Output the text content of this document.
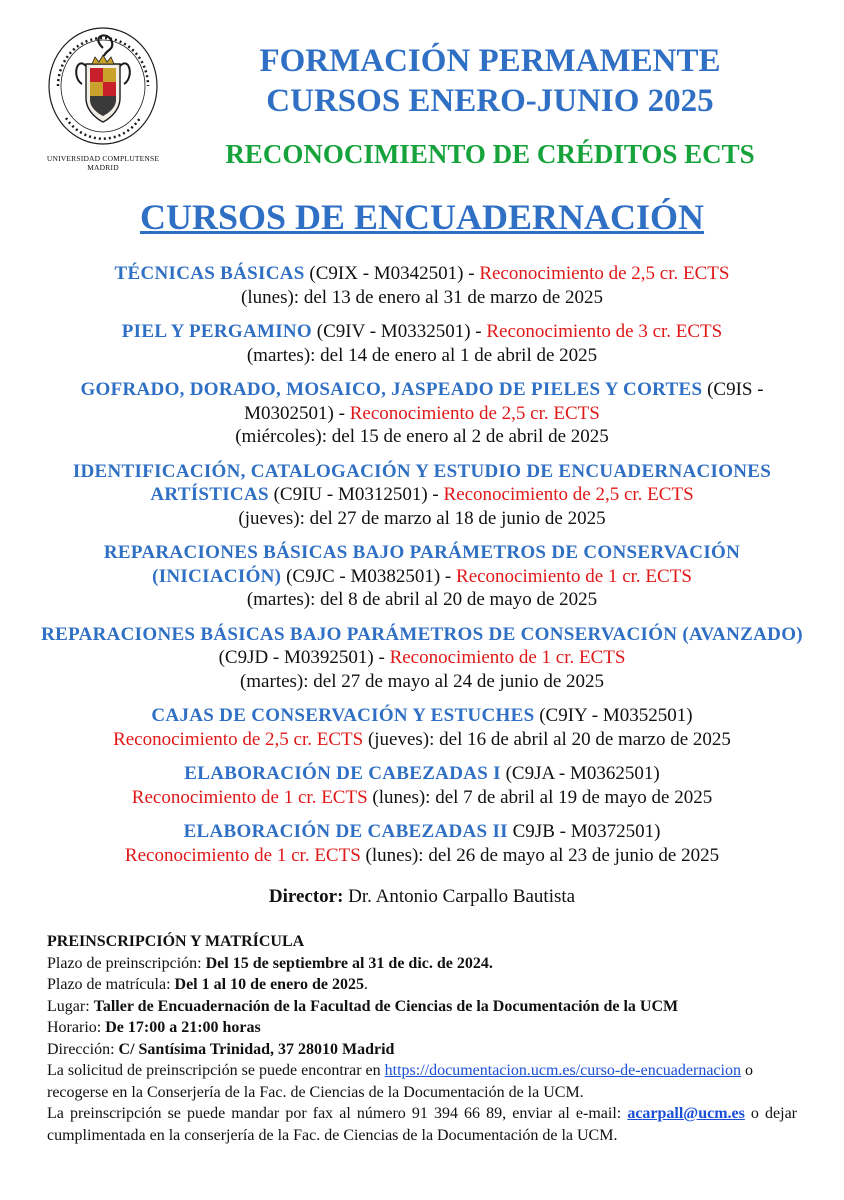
UNIVERSIDAD COMPLUTENSE
MADRID
FORMACIÓN PERMAMENTE
CURSOS ENERO-JUNIO 2025
RECONOCIMIENTO DE CRÉDITOS ECTS
CURSOS DE ENCUADERNACIÓN
TÉCNICAS BÁSICAS (C9IX - M0342501) - Reconocimiento de 2,5 cr. ECTS
(lunes): del 13 de enero al 31 de marzo de 2025
PIEL Y PERGAMINO (C9IV - M0332501) - Reconocimiento de 3 cr. ECTS
(martes): del 14 de enero al 1 de abril de 2025
GOFRADO, DORADO, MOSAICO, JASPEADO DE PIELES Y CORTES (C9IS - M0302501) - Reconocimiento de 2,5 cr. ECTS
(miércoles): del 15 de enero al 2 de abril de 2025
IDENTIFICACIÓN, CATALOGACIÓN Y ESTUDIO DE ENCUADERNACIONES ARTÍSTICAS (C9IU - M0312501) - Reconocimiento de 2,5 cr. ECTS
(jueves): del 27 de marzo al 18 de junio de 2025
REPARACIONES BÁSICAS BAJO PARÁMETROS DE CONSERVACIÓN (INICIACIÓN) (C9JC - M0382501) - Reconocimiento de 1 cr. ECTS
(martes): del 8 de abril al 20 de mayo de 2025
REPARACIONES BÁSICAS BAJO PARÁMETROS DE CONSERVACIÓN (AVANZADO) (C9JD - M0392501) - Reconocimiento de 1 cr. ECTS
(martes): del 27 de mayo al 24 de junio de 2025
CAJAS DE CONSERVACIÓN Y ESTUCHES (C9IY - M0352501)
Reconocimiento de 2,5 cr. ECTS (jueves): del 16 de abril al 20 de marzo de 2025
ELABORACIÓN DE CABEZADAS I (C9JA - M0362501)
Reconocimiento de 1 cr. ECTS (lunes): del 7 de abril al 19 de mayo de 2025
ELABORACIÓN DE CABEZADAS II C9JB - M0372501)
Reconocimiento de 1 cr. ECTS (lunes): del 26 de mayo al 23 de junio de 2025
Director: Dr. Antonio Carpallo Bautista
PREINSCRIPCIÓN Y MATRÍCULA
Plazo de preinscripción: Del 15 de septiembre al 31 de dic. de 2024.
Plazo de matrícula: Del 1 al 10 de enero de 2025.
Lugar: Taller de Encuadernación de la Facultad de Ciencias de la Documentación de la UCM
Horario: De 17:00 a 21:00 horas
Dirección: C/ Santísima Trinidad, 37 28010 Madrid
La solicitud de preinscripción se puede encontrar en https://documentacion.ucm.es/curso-de-encuadernacion o recogerse en la Conserjería de la Fac. de Ciencias de la Documentación de la UCM.
La preinscripción se puede mandar por fax al número 91 394 66 89, enviar al e-mail: acarpall@ucm.es o dejar cumplimentada en la conserjería de la Fac. de Ciencias de la Documentación de la UCM.
